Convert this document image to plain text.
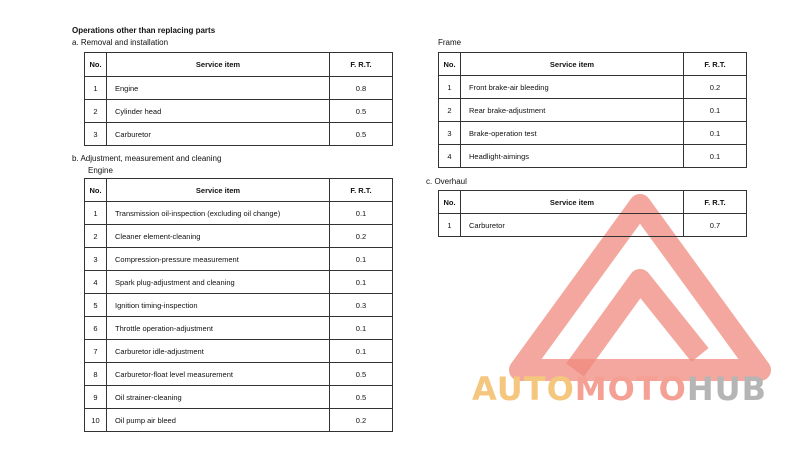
AUTOMOTOHUB
Operations other than replacing parts
a. Removal and installation
b. Adjustment, measurement and cleaning
Engine
Frame
c. Overhaul
No.	Service item	F. R.T.
1	Engine	0.8
2	Cylinder head	0.5
3	Carburetor	0.5
No.	Service item	F. R.T.
1	Transmission oil-inspection (excluding oil change)	0.1
2	Cleaner element-cleaning	0.2
3	Compression-pressure measurement	0.1
4	Spark plug-adjustment and cleaning	0.1
5	Ignition timing-inspection	0.3
6	Throttle operation-adjustment	0.1
7	Carburetor idle-adjustment	0.1
8	Carburetor-float level measurement	0.5
9	Oil strainer-cleaning	0.5
10	Oil pump air bleed	0.2
No.	Service item	F. R.T.
1	Front brake-air bleeding	0.2
2	Rear brake-adjustment	0.1
3	Brake-operation test	0.1
4	Headlight-aimings	0.1
No.	Service item	F. R.T.
1	Carburetor	0.7
